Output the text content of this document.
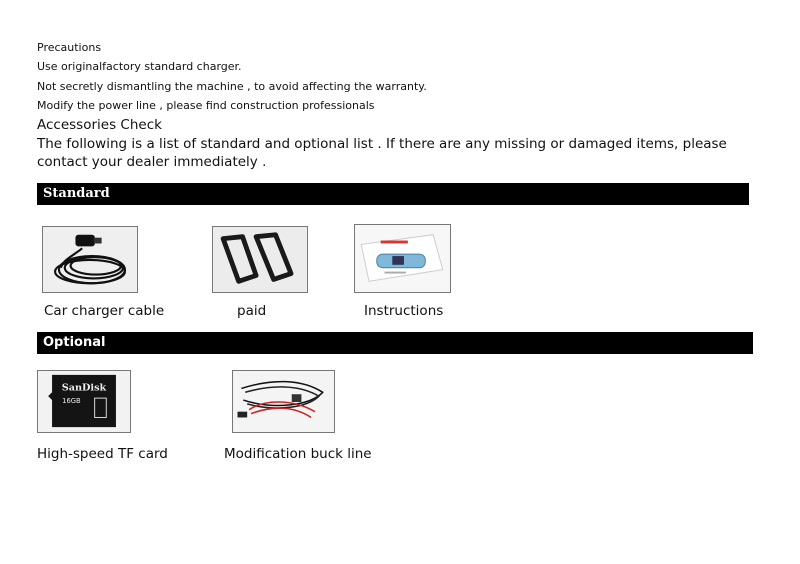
Precautions
Use originalfactory standard charger.
Not secretly dismantling the machine , to avoid affecting the warranty.
Modify the power line , please find construction professionals
Accessories Check
The following is a list of standard and optional list . If there are any missing or damaged items, please contact your dealer immediately .
Standard
Car charger cable	paid	Instructions
Optional
SanDisk
16GB
High-speed TF card	Modification buck line
